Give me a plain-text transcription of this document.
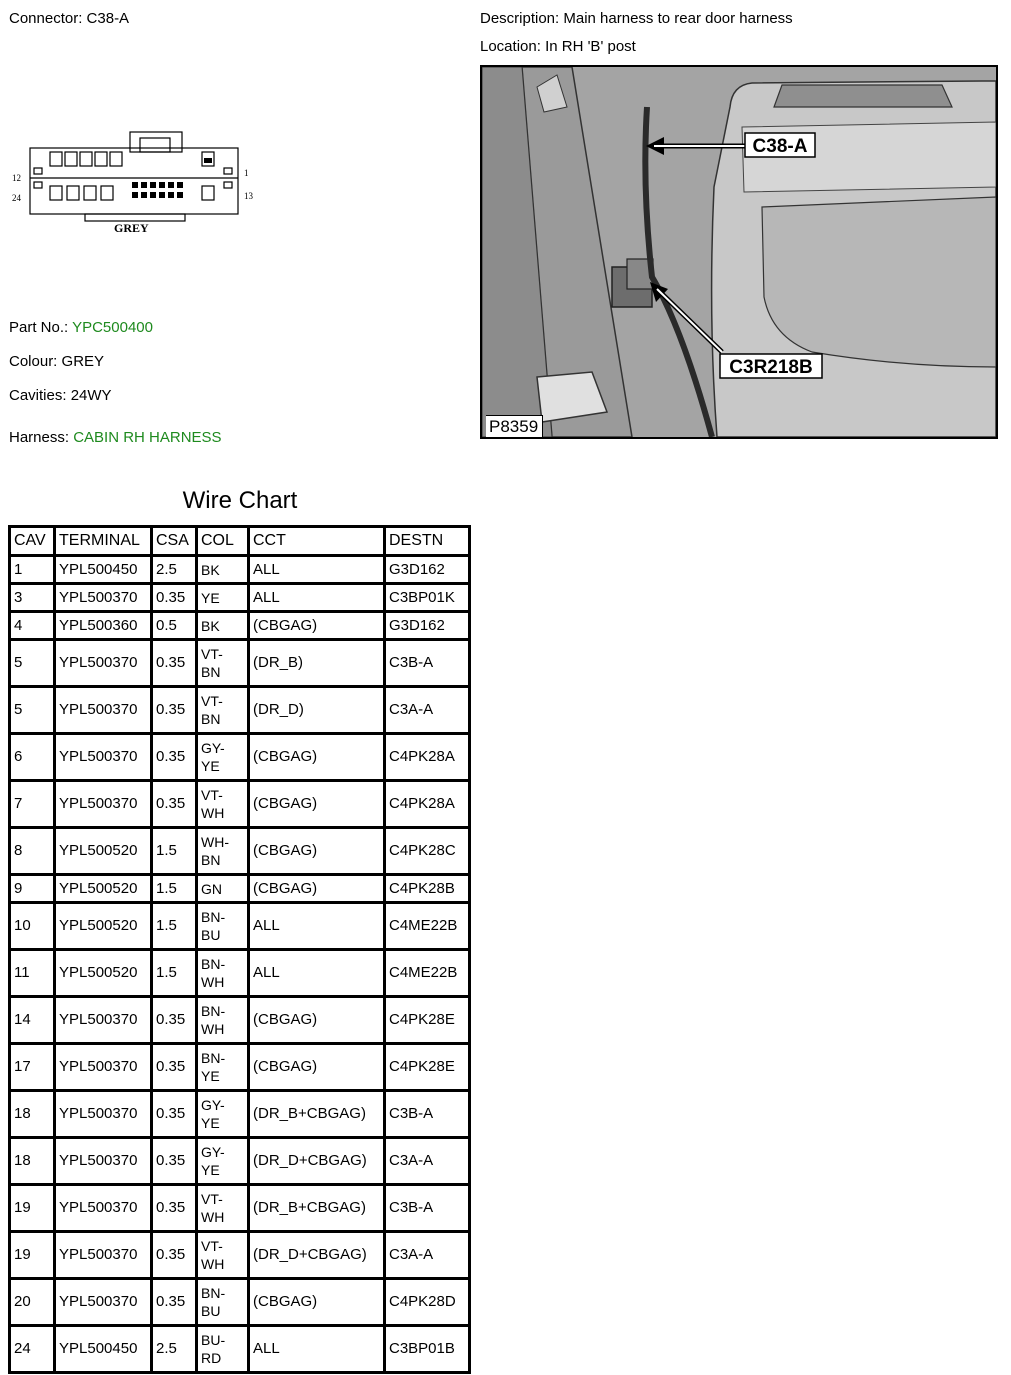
Connector: C38-A	Description: Main harness to rear door harness
Location: In RH 'B' post
12	1
24	13
GREY
Part No.: YPC500400
Colour: GREY
Cavities: 24WY
Harness: CABIN RH HARNESS
C38-A
C3R218B
P8359
Wire Chart
CAV	TERMINAL	CSA	COL	CCT	DESTN
1	YPL500450	2.5	BK	ALL	G3D162
3	YPL500370	0.35	YE	ALL	C3BP01K
4	YPL500360	0.5	BK	(CBGAG)	G3D162
5	YPL500370	0.35	VT-
BN	(DR_B)	C3B-A
5	YPL500370	0.35	VT-
BN	(DR_D)	C3A-A
6	YPL500370	0.35	GY-
YE	(CBGAG)	C4PK28A
7	YPL500370	0.35	VT-
WH	(CBGAG)	C4PK28A
8	YPL500520	1.5	WH-
BN	(CBGAG)	C4PK28C
9	YPL500520	1.5	GN	(CBGAG)	C4PK28B
10	YPL500520	1.5	BN-
BU	ALL	C4ME22B
11	YPL500520	1.5	BN-
WH	ALL	C4ME22B
14	YPL500370	0.35	BN-
WH	(CBGAG)	C4PK28E
17	YPL500370	0.35	BN-
YE	(CBGAG)	C4PK28E
18	YPL500370	0.35	GY-
YE	(DR_B+CBGAG)	C3B-A
18	YPL500370	0.35	GY-
YE	(DR_D+CBGAG)	C3A-A
19	YPL500370	0.35	VT-
WH	(DR_B+CBGAG)	C3B-A
19	YPL500370	0.35	VT-
WH	(DR_D+CBGAG)	C3A-A
20	YPL500370	0.35	BN-
BU	(CBGAG)	C4PK28D
24	YPL500450	2.5	BU-
RD	ALL	C3BP01B
